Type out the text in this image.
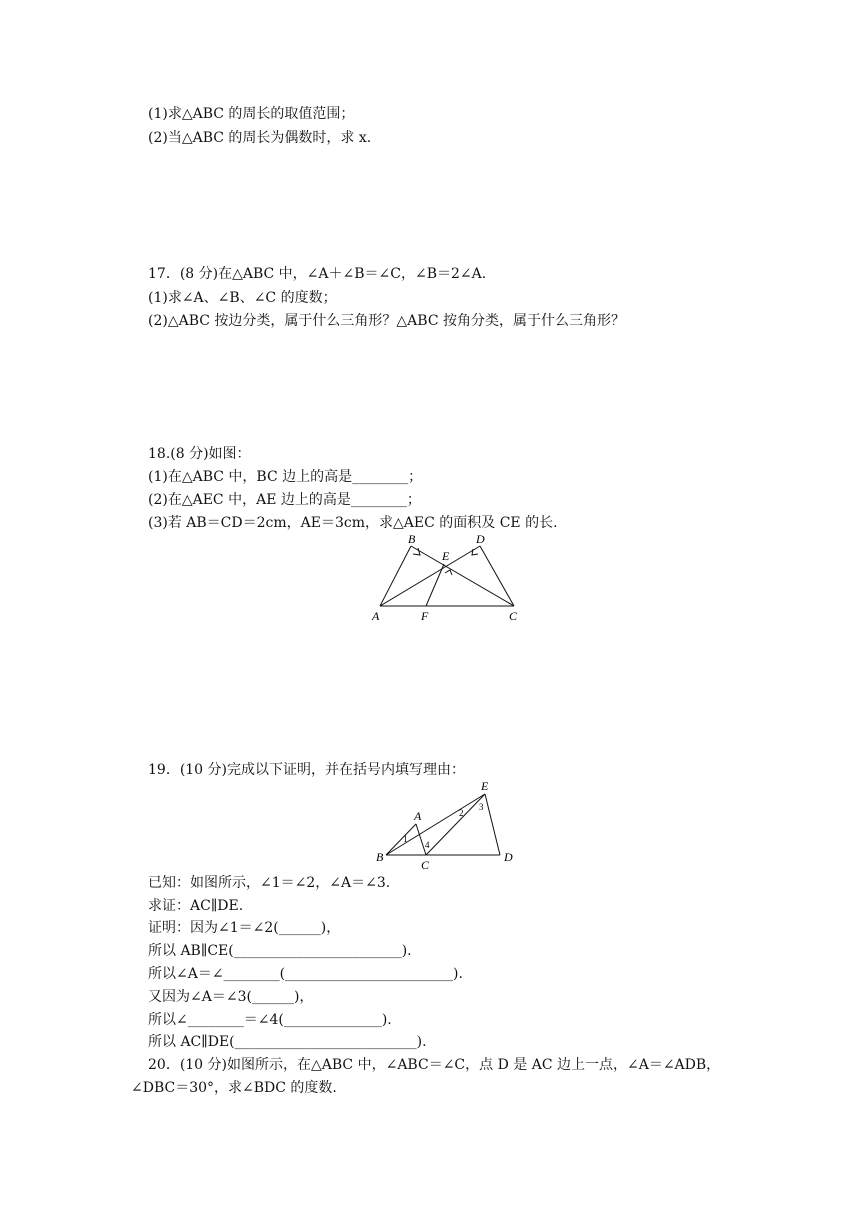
(1)求△ABC 的周长的取值范围；
(2)当△ABC 的周长为偶数时，求 x.
17．(8 分)在△ABC 中，∠A＋∠B＝∠C，∠B＝2∠A.
(1)求∠A、∠B、∠C 的度数；
(2)△ABC 按边分类，属于什么三角形？△ABC 按角分类，属于什么三角形？
18.(8 分)如图：
(1)在△ABC 中，BC 边上的高是________；
(2)在△AEC 中，AE 边上的高是________；
(3)若 AB＝CD＝2cm，AE＝3cm，求△AEC 的面积及 CE 的长.
B	D
E
A	F	C
19．(10 分)完成以下证明，并在括号内填写理由：
E
A
B
C
D
1
2
3
4
已知：如图所示，∠1＝∠2，∠A＝∠3.
求证：AC∥DE.
证明：因为∠1＝∠2(______)，
所以 AB∥CE(________________________).
所以∠A＝∠________(________________________).
又因为∠A＝∠3(______)，
所以∠________＝∠4(______________).
所以 AC∥DE(__________________________).
20．(10 分)如图所示，在△ABC 中，∠ABC＝∠C，点 D 是 AC 边上一点，∠A＝∠ADB，
∠DBC＝30°，求∠BDC 的度数.
